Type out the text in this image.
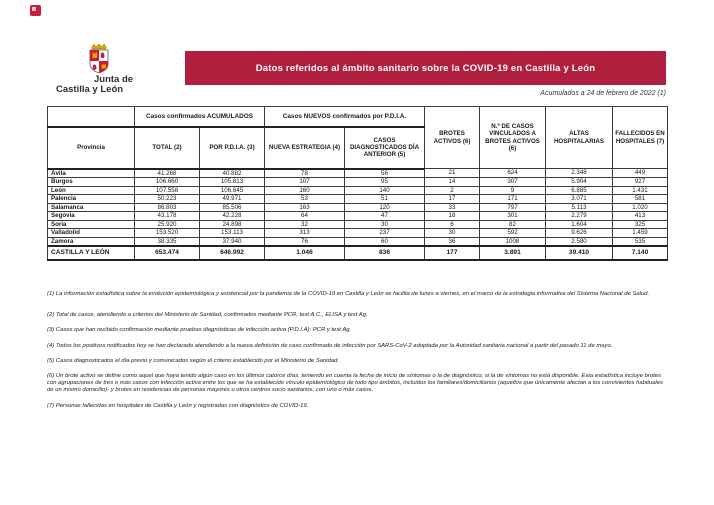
Junta de
Castilla y León
Datos referidos al ámbito sanitario sobre la COVID-19 en Castilla y León
Acumulados a 24 de febrero de 2022 (1)
	Casos confirmados ACUMULADOS		Casos NUEVOS confirmados por P.D.I.A.		BROTES ACTIVOS (6)	N.º DE CASOS VINCULADOS A BROTES ACTIVOS (6)	ALTAS HOSPITALARIAS	FALLECIDOS EN HOSPITALES (7)
Provincia	TOTAL (2)	POR P.D.I.A. (3)	NUEVA ESTRATEGIA (4)	CASOS DIAGNOSTICADOS DÍA ANTERIOR (5)				
Ávila	41.268	40.882	78	56	21	624	2.348	449
Burgos	106.660	105.813	107	95	14	307	5.904	927
León	107.558	106.645	160	140	2	9	6.885	1.431
Palencia	50.223	49.971	53	51	17	171	3.071	581
Salamanca	86.803	85.506	163	120	33	797	5.113	1.020
Segovia	43.178	42.228	64	47	18	301	2.279	413
Soria	25.920	24.898	32	30	6	82	1.604	325
Valladolid	153.520	153.113	313	237	30	592	9.626	1.459
Zamora	38.335	37.940	76	60	36	1008	2.580	535
CASTILLA Y LEÓN	653.474	646.992	1.046	836	177	3.891	39.410	7.140

(1) La información estadística sobre la evolución epidemiológica y asistencial por la pandemia de la COVID-19 en Castilla y León se facilita de lunes a viernes, en el marco de la estrategia informativa del Sistema Nacional de Salud.

(2) Total de casos, atendiendo a criterios del Ministerio de Sanidad, confirmados mediante PCR, test A.C., ELISA y test Ag.

(3) Casos que han recibido confirmación mediante pruebas diagnósticas de infección activa (P.D.I.A): PCR y test Ag.

(4) Todos los positivos notificados hoy se han declarado atendiendo a la nueva definición de caso confirmado de infección por SARS-CoV-2 adoptada por la Autoridad sanitaria nacional a partir del pasado 11 de mayo.

(5) Casos diagnosticados el día previo y comunicados según el criterio establecido por el Ministerio de Sanidad.

(6) Un brote activo se define como aquel que haya tenido algún caso en los últimos catorce días, teniendo en cuenta la fecha de inicio de síntomas o la de diagnóstico, si la de síntomas no está disponible. Esta estadística incluye brotes con agrupaciones de tres o más casos con infección activa entre los que se ha establecido vínculo epidemiológico de todo tipo ámbitos, incluidos los familiares/domiciliarios (aquellos que únicamente afectan a los convivientes habituales de un mismo domicilio)- y brotes en residencias de personas mayores u otros centros socio sanitarios, con uno o más casos.

(7) Personas fallecidas en hospitales de Castilla y León y registradas con diagnóstico de COVID-19.
